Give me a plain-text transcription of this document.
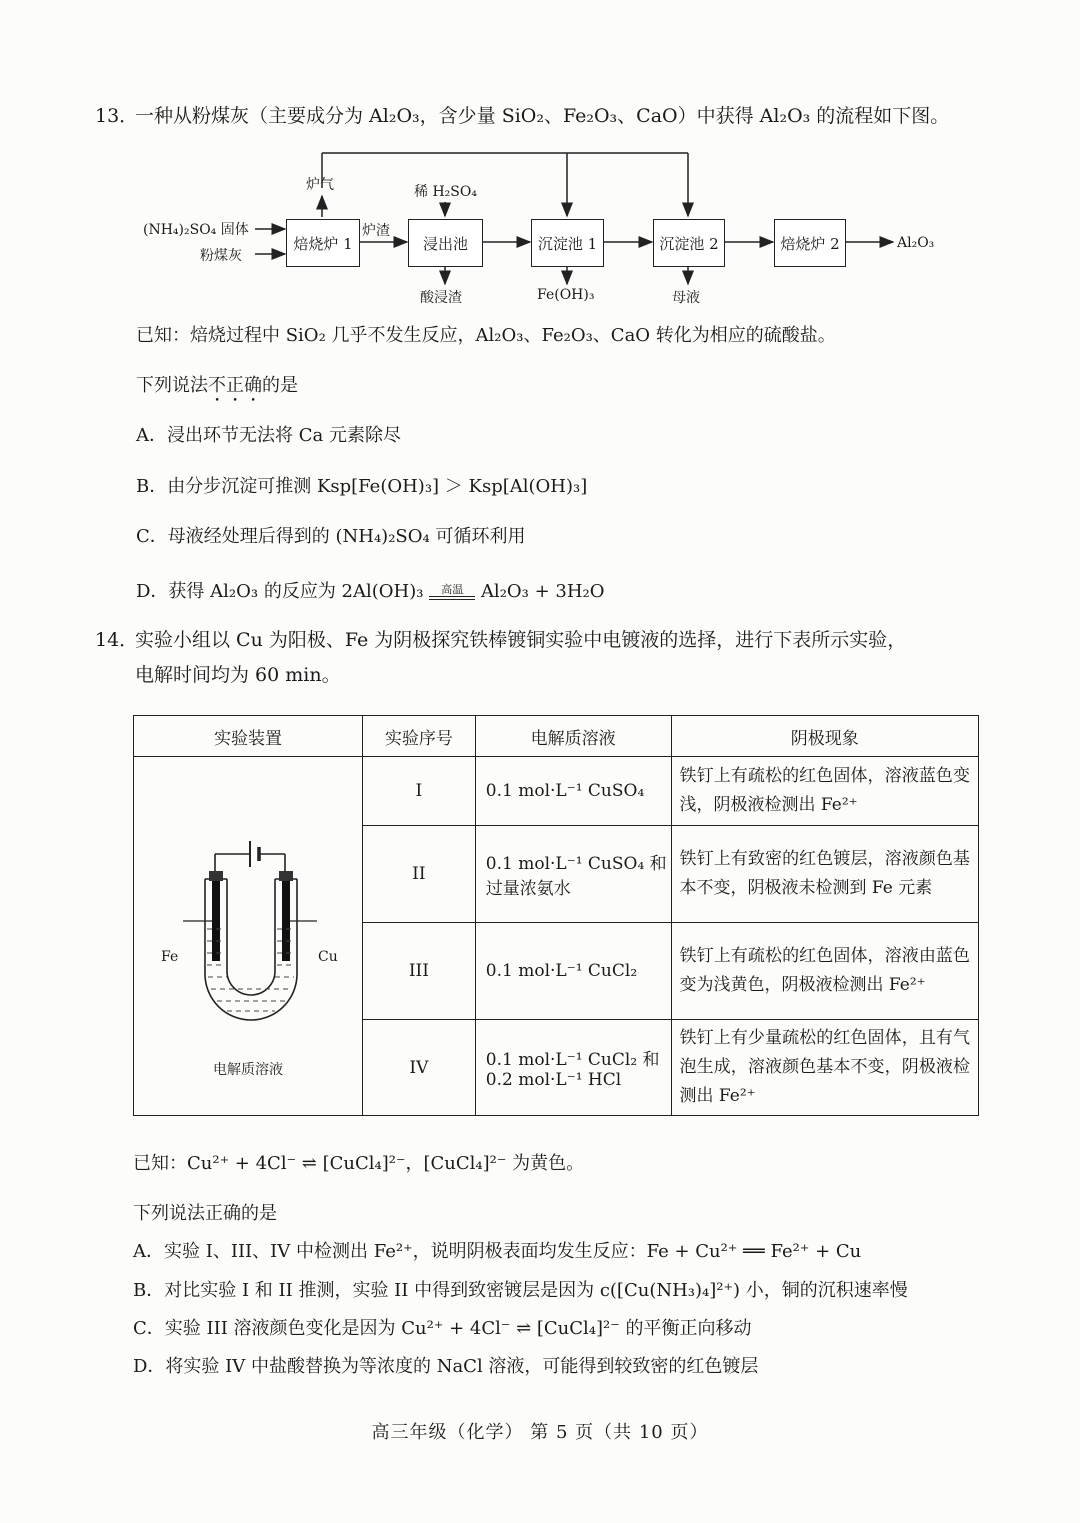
13．一种从粉煤灰（主要成分为 Al₂O₃，含少量 SiO₂、Fe₂O₃、CaO）中获得 Al₂O₃ 的流程如下图。
(NH₄)₂SO₄ 固体
粉煤灰
焙烧炉 1	浸出池	沉淀池 1	沉淀池 2	焙烧炉 2
炉气
炉渣
稀 H₂SO₄
酸浸渣	Fe(OH)₃	母液
Al₂O₃
已知：焙烧过程中 SiO₂ 几乎不发生反应，Al₂O₃、Fe₂O₃、CaO 转化为相应的硫酸盐。
下列说法不正确的是
A．浸出环节无法将 Ca 元素除尽
B．由分步沉淀可推测 Ksp[Fe(OH)₃] ＞ Ksp[Al(OH)₃]
C．母液经处理后得到的 (NH₄)₂SO₄ 可循环利用
D．获得 Al₂O₃ 的反应为 2Al(OH)₃	高温 Al₂O₃ + 3H₂O
14．实验小组以 Cu 为阳极、Fe 为阴极探究铁棒镀铜实验中电镀液的选择，进行下表所示实验，
电解时间均为 60 min。
实验装置	实验序号	电解质溶液	阴极现象

Fe Cu
电解质溶液	I	0.1 mol·L⁻¹ CuSO₄	铁钉上有疏松的红色固体，溶液蓝色变浅，阴极液检测出 Fe²⁺
	II	0.1 mol·L⁻¹ CuSO₄ 和过量浓氨水	铁钉上有致密的红色镀层，溶液颜色基本不变，阴极液未检测到 Fe 元素
	III	0.1 mol·L⁻¹ CuCl₂	铁钉上有疏松的红色固体，溶液由蓝色变为浅黄色，阴极液检测出 Fe²⁺
	IV	0.1 mol·L⁻¹ CuCl₂ 和 0.2 mol·L⁻¹ HCl	铁钉上有少量疏松的红色固体，且有气泡生成，溶液颜色基本不变，阴极液检测出 Fe²⁺
已知：Cu²⁺ + 4Cl⁻ ⇌ [CuCl₄]²⁻，[CuCl₄]²⁻ 为黄色。
下列说法正确的是
A．实验 I、III、IV 中检测出 Fe²⁺，说明阴极表面均发生反应：Fe + Cu²⁺ ══ Fe²⁺ + Cu
B．对比实验 I 和 II 推测，实验 II 中得到致密镀层是因为 c([Cu(NH₃)₄]²⁺) 小，铜的沉积速率慢
C．实验 III 溶液颜色变化是因为 Cu²⁺ + 4Cl⁻ ⇌ [CuCl₄]²⁻ 的平衡正向移动
D．将实验 IV 中盐酸替换为等浓度的 NaCl 溶液，可能得到较致密的红色镀层
高三年级（化学） 第 5 页（共 10 页）
